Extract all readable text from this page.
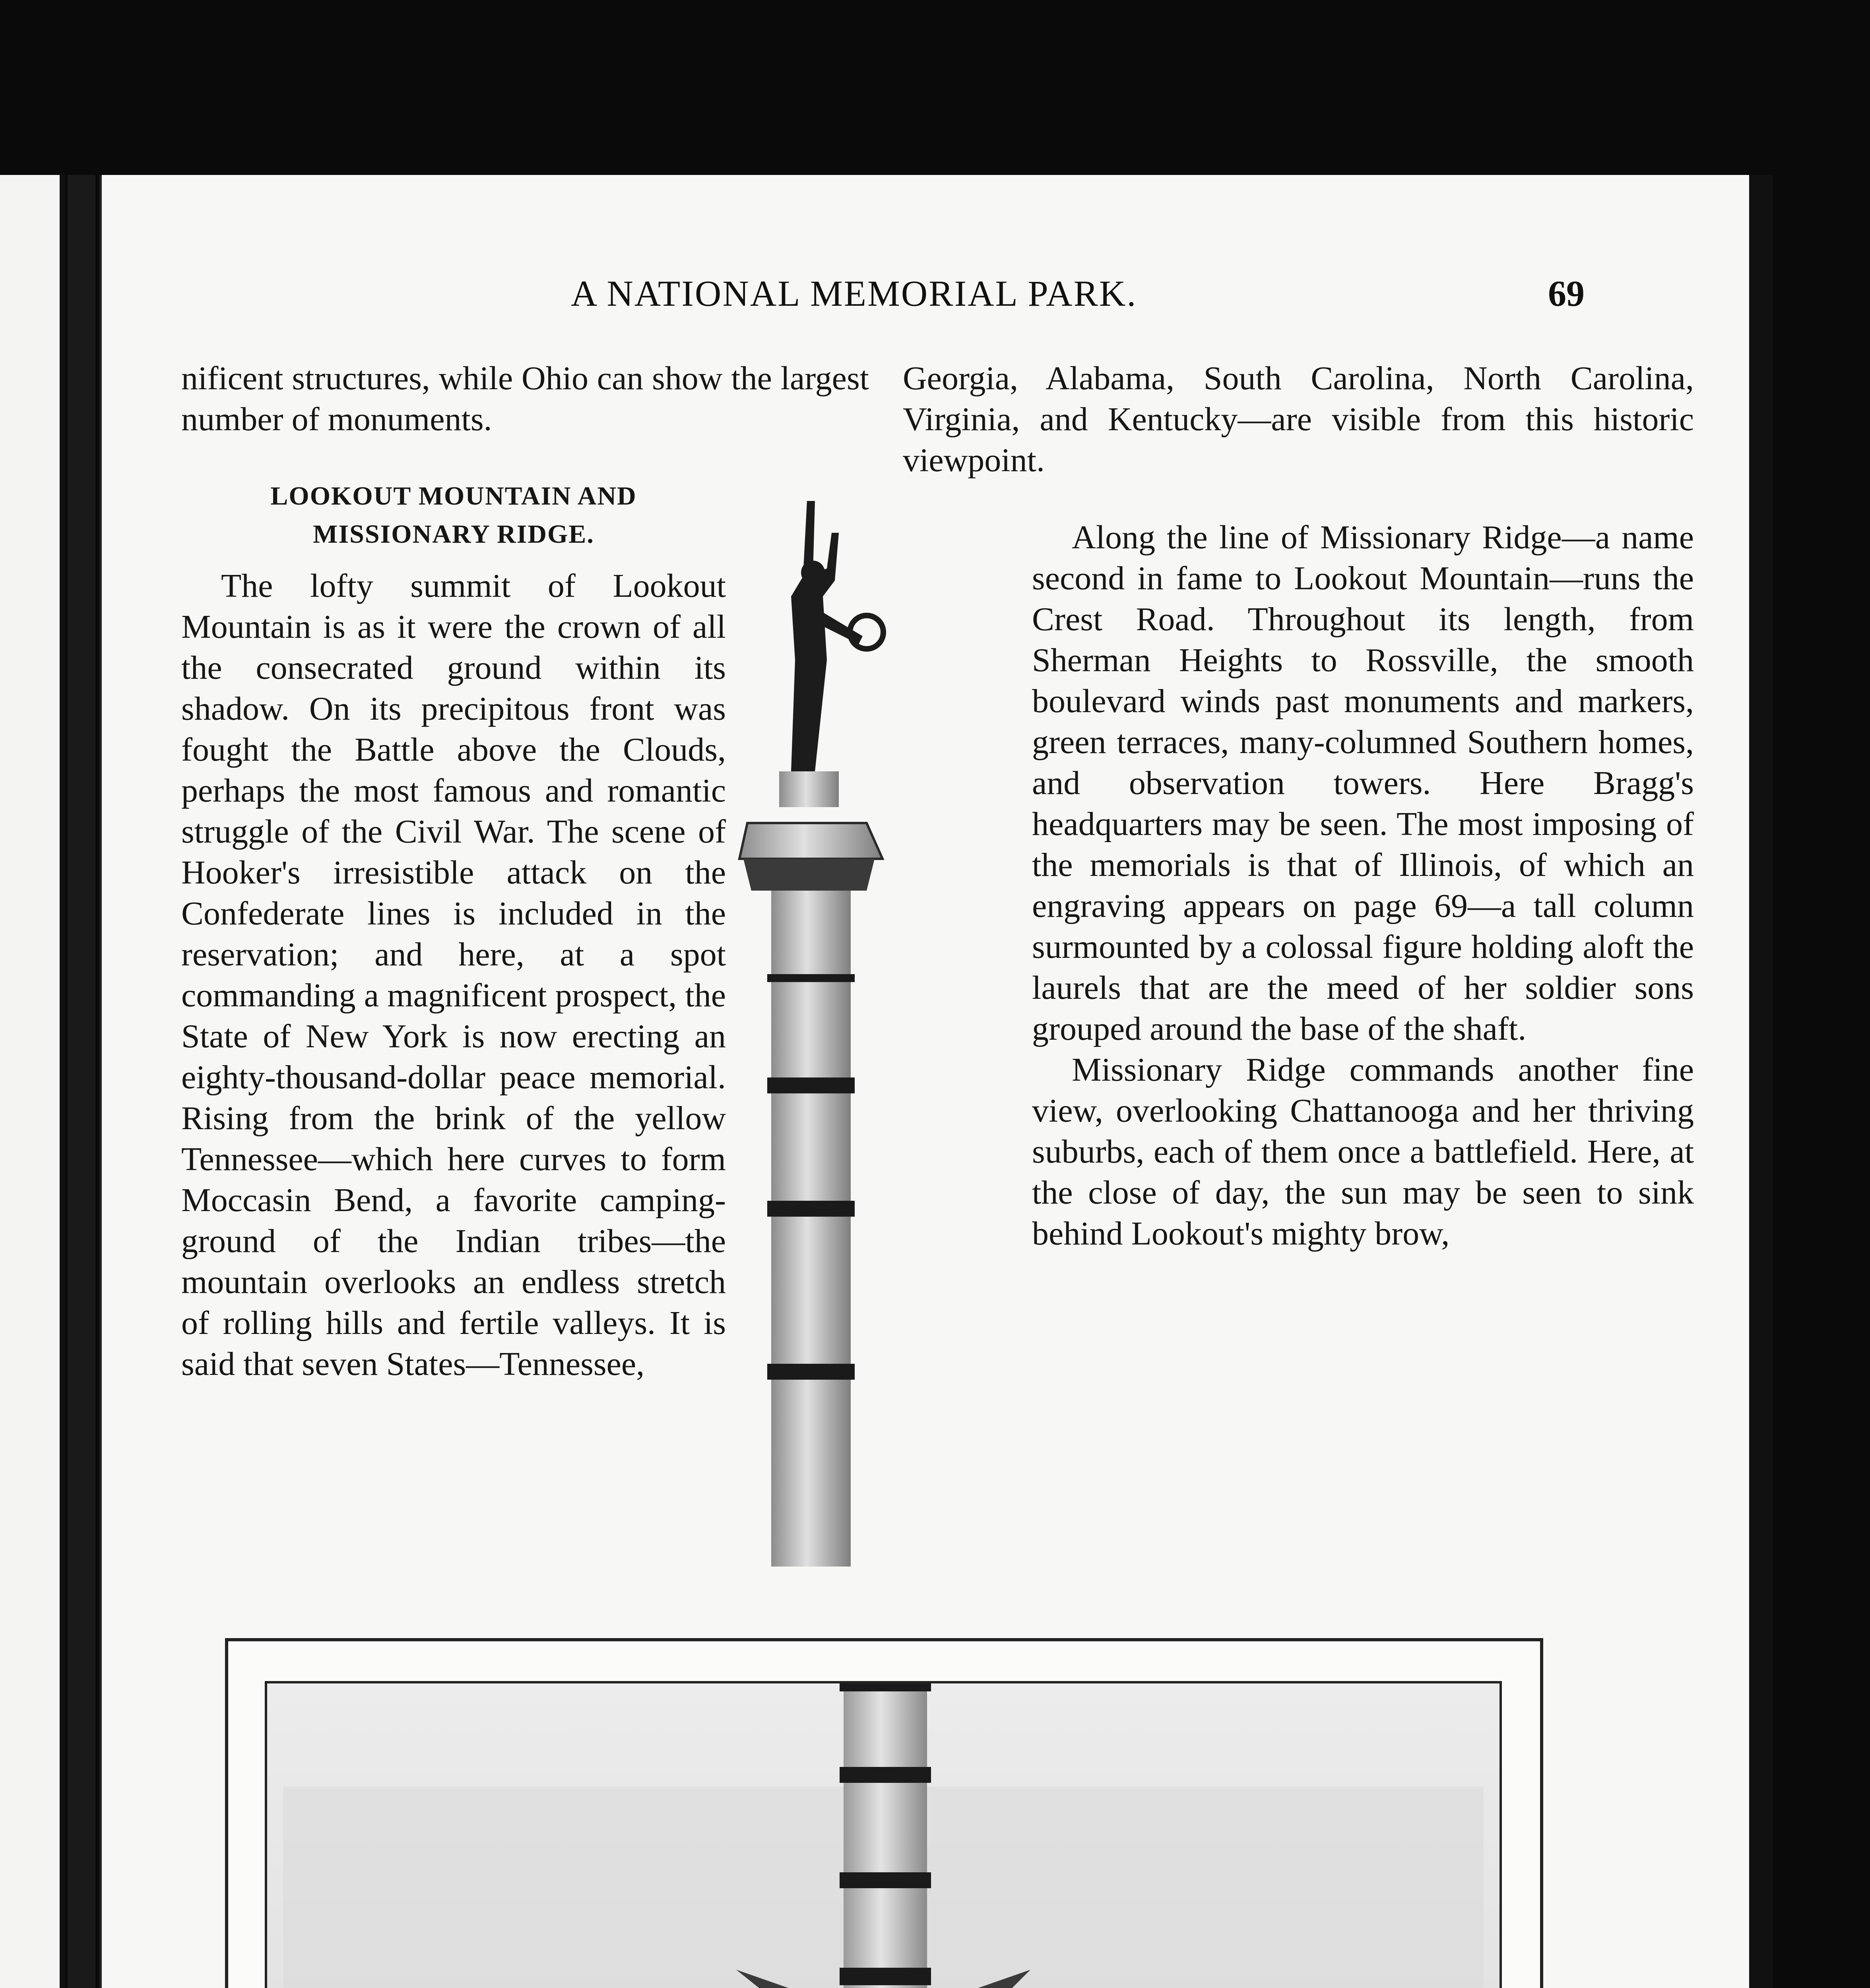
A NATIONAL MEMORIAL PARK.	69

nificent structures, while Ohio can show the largest number of monuments.

LOOKOUT MOUNTAIN AND MISSIONARY RIDGE.

The lofty summit of Lookout Mountain is as it were the crown of all the consecrated ground within its shadow. On its precipitous front was fought the Battle above the Clouds, perhaps the most famous and romantic struggle of the Civil War. The scene of Hooker's irresistible attack on the Confederate lines is included in the reservation; and here, at a spot commanding a magnificent prospect, the State of New York is now erecting an eighty-thousand-dollar peace memorial. Rising from the brink of the yellow Tennessee—which here curves to form Moccasin Bend, a favorite camping-ground of the Indian tribes—the mountain overlooks an endless stretch of rolling hills and fertile valleys. It is said that seven States—Tennessee,

Georgia, Alabama, South Carolina, North Carolina, Virginia, and Kentucky—are visible from this historic viewpoint.

Along the line of Missionary Ridge—a name second in fame to Lookout Mountain—runs the Crest Road. Throughout its length, from Sherman Heights to Rossville, the smooth boulevard winds past monuments and markers, green terraces, many-columned Southern homes, and observation towers. Here Bragg's headquarters may be seen. The most imposing of the memorials is that of Illinois, of which an engraving appears on page 69—a tall column surmounted by a colossal figure holding aloft the laurels that are the meed of her soldier sons grouped around the base of the shaft.

Missionary Ridge commands another fine view, overlooking Chattanooga and her thriving suburbs, each of them once a battlefield. Here, at the close of day, the sun may be seen to sink behind Lookout's mighty brow,
